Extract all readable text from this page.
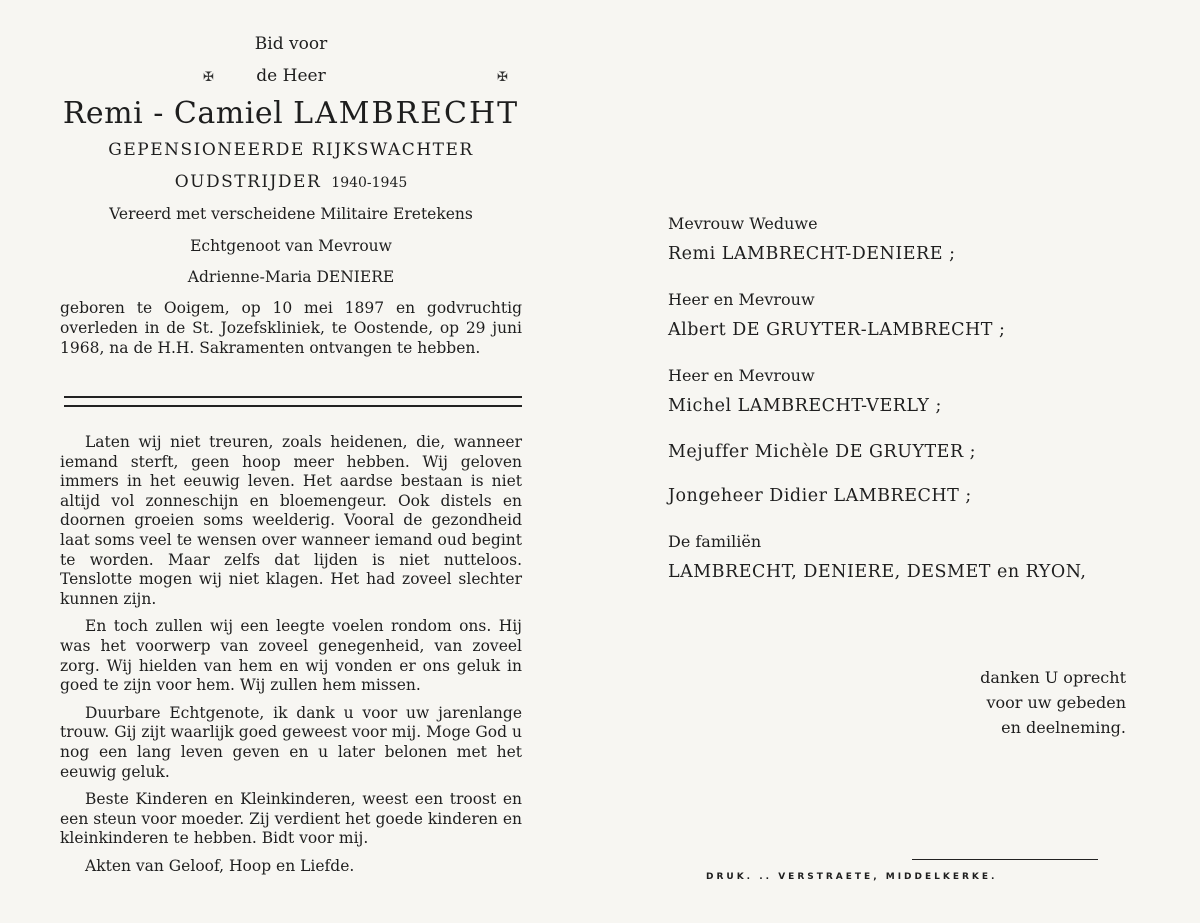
✠	✠
Bid voor
de Heer
Remi - Camiel LAMBRECHT
GEPENSIONEERDE RIJKSWACHTER
OUDSTRIJDER 1940-1945
Vereerd met verscheidene Militaire Eretekens
Echtgenoot van Mevrouw
Adrienne-Maria DENIERE
geboren te Ooigem, op 10 mei 1897 en godvruchtig overleden in de St. Jozefskliniek, te Oostende, op 29 juni 1968, na de H.H. Sakramenten ontvangen te hebben.

Laten wij niet treuren, zoals heidenen, die, wanneer iemand sterft, geen hoop meer hebben. Wij geloven immers in het eeuwig leven. Het aardse bestaan is niet altijd vol zonneschijn en bloemengeur. Ook distels en doornen groeien soms weelderig. Vooral de gezondheid laat soms veel te wensen over wanneer iemand oud begint te worden. Maar zelfs dat lijden is niet nutteloos. Tenslotte mogen wij niet klagen. Het had zoveel slechter kunnen zijn.

En toch zullen wij een leegte voelen rondom ons. Hij was het voorwerp van zoveel genegenheid, van zoveel zorg. Wij hielden van hem en wij vonden er ons geluk in goed te zijn voor hem. Wij zullen hem missen.

Duurbare Echtgenote, ik dank u voor uw jarenlange trouw. Gij zijt waarlijk goed geweest voor mij. Moge God u nog een lang leven geven en u later belonen met het eeuwig geluk.

Beste Kinderen en Kleinkinderen, weest een troost en een steun voor moeder. Zij verdient het goede kinderen en kleinkinderen te hebben. Bidt voor mij.

Akten van Geloof, Hoop en Liefde.

Mevrouw Weduwe
Remi LAMBRECHT-DENIERE ;
Heer en Mevrouw
Albert DE GRUYTER-LAMBRECHT ;
Heer en Mevrouw
Michel LAMBRECHT-VERLY ;
Mejuffer Michèle DE GRUYTER ;
Jongeheer Didier LAMBRECHT ;
De familiën
LAMBRECHT, DENIERE, DESMET en RYON,
danken U oprecht
voor uw gebeden
en deelneming.
DRUK. .. VERSTRAETE, MIDDELKERKE.
